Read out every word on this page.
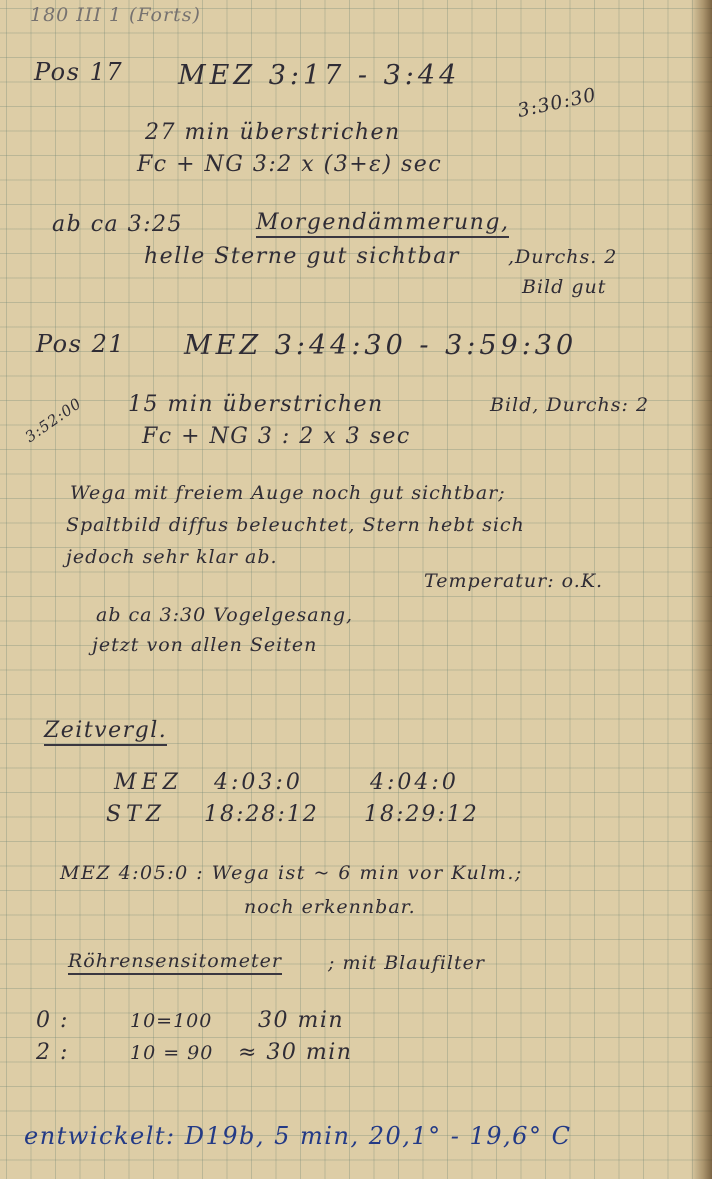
180 III 1 (Forts)
Pos 17 MEZ 3:17 - 3:44
3:30:30
27 min überstrichen
Fc + NG 3:2 x (3+ε) sec
ab ca 3:25	Morgendämmerung,
helle Sterne gut sichtbar	,Durchs. 2
Bild gut
Pos 21 MEZ 3:44:30 - 3:59:30
3:52:00 15 min überstrichen	Bild, Durchs: 2
Fc + NG 3 : 2 x 3 sec
Wega mit freiem Auge noch gut sichtbar;
Spaltbild diffus beleuchtet, Stern hebt sich
jedoch sehr klar ab.
Temperatur: o.K.
ab ca 3:30 Vogelgesang,
jetzt von allen Seiten
Zeitvergl.
MEZ 4:03:0	4:04:0
STZ 18:28:12 18:29:12
MEZ 4:05:0 : Wega ist ~ 6 min vor Kulm.;
noch erkennbar.
Röhrensensitometer ; mit Blaufilter
0 :	10=100 30 min
2 :	10 = 90 ≈ 30 min
entwickelt: D19b, 5 min, 20,1° - 19,6° C
